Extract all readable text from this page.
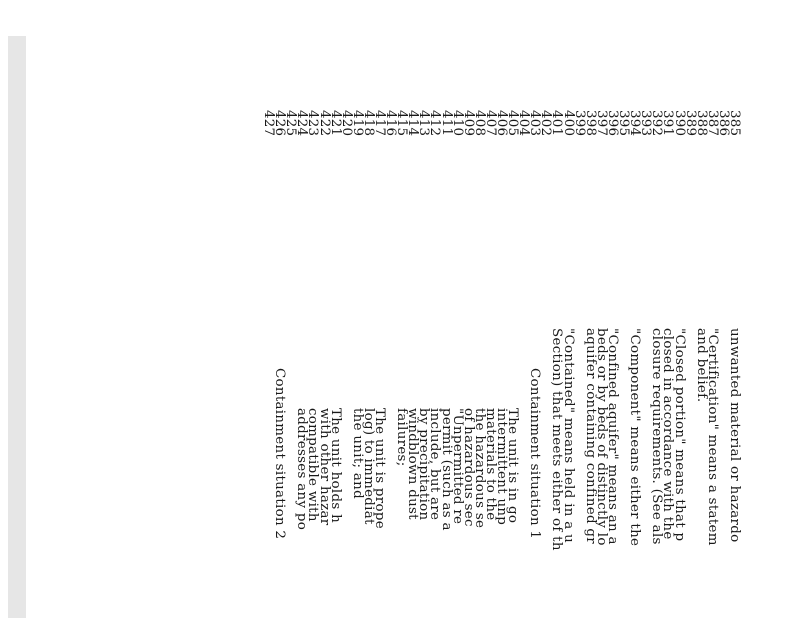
385
386
387
388
389
390
391
392
393
394
395
396
397
398
399
400
401
402
403
404
405
406
407
408
409
410
411
412
413
414
415
416
417
418
419
420
421
422
423
424
425
426
427
unwanted material or hazardo
"Certification" means a statem
and belief.
"Closed portion" means that p
closed in accordance with the
closure requirements. (See als
"Component" means either the
"Confined aquifer" means an a
beds or by beds of distinctly lo
aquifer containing confined gr
"Contained" means held in a u
Section) that meets either of th
Containment situation 1
The unit is in go
intermittent unp
materials to the
the hazardous se
of hazardous sec
"Unpermitted re
permit (such as a
include, but are
by precipitation
windblown dust
failures;
The unit is prope
log) to immediat
the unit; and
The unit holds h
with other hazar
compatible with
addresses any po
Containment situation 2
